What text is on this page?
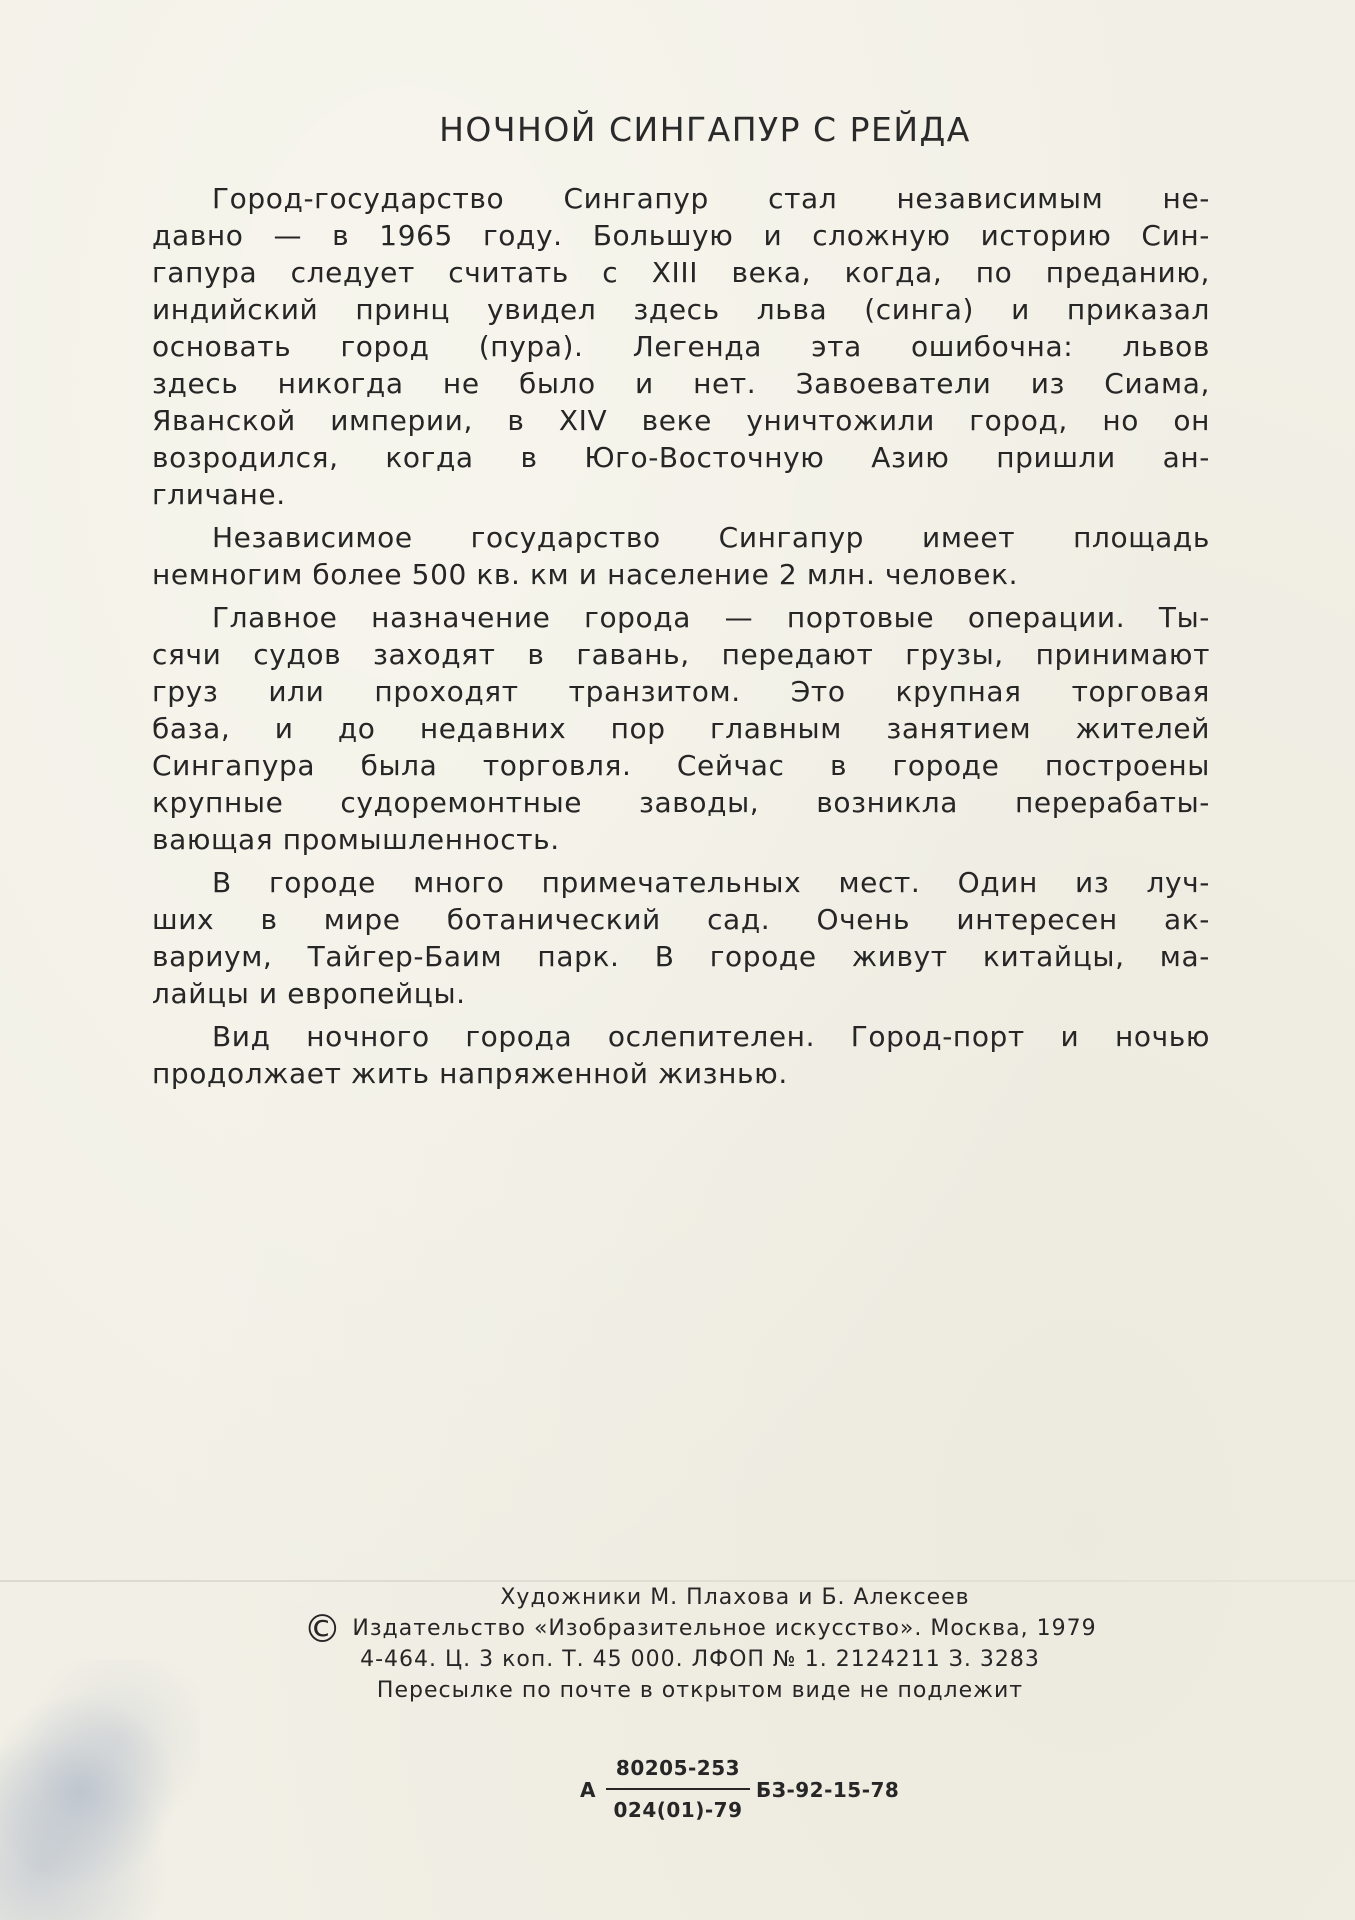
НОЧНОЙ СИНГАПУР С РЕЙДА

Город-государство Сингапур стал независимым не-
давно — в 1965 году. Большую и сложную историю Син-
гапура следует считать с XIII века, когда, по преданию,
индийский принц увидел здесь льва (синга) и приказал
основать город (пура). Легенда эта ошибочна: львов
здесь никогда не было и нет. Завоеватели из Сиама,
Яванской империи, в XIV веке уничтожили город, но он
возродился, когда в Юго-Восточную Азию пришли ан-
гличане.

Независимое государство Сингапур имеет площадь
немногим более 500 кв. км и население 2 млн. человек.

Главное назначение города — портовые операции. Ты-
сячи судов заходят в гавань, передают грузы, принимают
груз или проходят транзитом. Это крупная торговая
база, и до недавних пор главным занятием жителей
Сингапура была торговля. Сейчас в городе построены
крупные судоремонтные заводы, возникла перерабаты-
вающая промышленность.

В городе много примечательных мест. Один из луч-
ших в мире ботанический сад. Очень интересен ак-
вариум, Тайгер-Баим парк. В городе живут китайцы, ма-
лайцы и европейцы.

Вид ночного города ослепителен. Город-порт и ночью
продолжает жить напряженной жизнью.

Художники М. Плахова и Б. Алексеев
© Издательство «Изобразительное искусство». Москва, 1979
4-464. Ц. 3 коп. Т. 45 000. ЛФОП № 1. 2124211 З. 3283
Пересылке по почте в открытом виде не подлежит
А
80205-253
024(01)-79
БЗ-92-15-78
